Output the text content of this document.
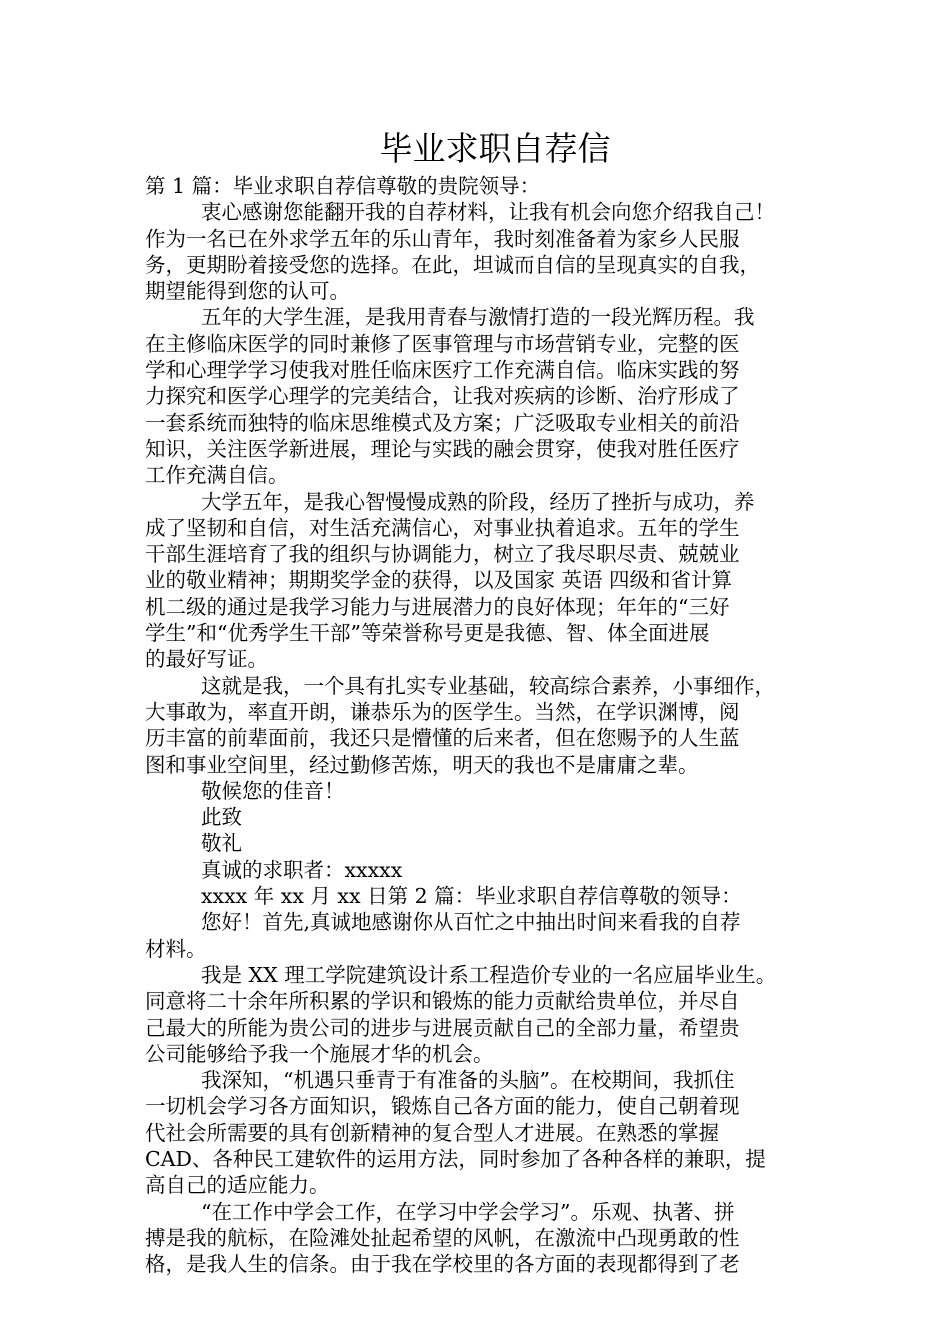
毕业求职自荐信

第 1 篇：毕业求职自荐信尊敬的贵院领导：

衷心感谢您能翻开我的自荐材料，让我有机会向您介绍我自己！

作为一名已在外求学五年的乐山青年，我时刻准备着为家乡人民服

务，更期盼着接受您的选择。在此，坦诚而自信的呈现真实的自我，

期望能得到您的认可。

五年的大学生涯，是我用青春与激情打造的一段光辉历程。我

在主修临床医学的同时兼修了医事管理与市场营销专业，完整的医

学和心理学学习使我对胜任临床医疗工作充满自信。临床实践的努

力探究和医学心理学的完美结合，让我对疾病的诊断、治疗形成了

一套系统而独特的临床思维模式及方案；广泛吸取专业相关的前沿

知识，关注医学新进展，理论与实践的融会贯穿，使我对胜任医疗

工作充满自信。

大学五年，是我心智慢慢成熟的阶段，经历了挫折与成功，养

成了坚韧和自信，对生活充满信心，对事业执着追求。五年的学生

干部生涯培育了我的组织与协调能力，树立了我尽职尽责、兢兢业

业的敬业精神；期期奖学金的获得，以及国家 英语 四级和省计算

机二级的通过是我学习能力与进展潜力的良好体现；年年的“三好

学生”和“优秀学生干部”等荣誉称号更是我德、智、体全面进展

的最好写证。

这就是我，一个具有扎实专业基础，较高综合素养，小事细作，

大事敢为，率直开朗，谦恭乐为的医学生。当然，在学识渊博，阅

历丰富的前辈面前，我还只是懵懂的后来者，但在您赐予的人生蓝

图和事业空间里，经过勤修苦炼，明天的我也不是庸庸之辈。

敬候您的佳音！

此致

敬礼

真诚的求职者：xxxxx

xxxx 年 xx 月 xx 日第 2 篇：毕业求职自荐信尊敬的领导：

您好！首先,真诚地感谢你从百忙之中抽出时间来看我的自荐

材料。

我是 XX 理工学院建筑设计系工程造价专业的一名应届毕业生。

同意将二十余年所积累的学识和锻炼的能力贡献给贵单位，并尽自

己最大的所能为贵公司的进步与进展贡献自己的全部力量，希望贵

公司能够给予我一个施展才华的机会。

我深知，“机遇只垂青于有准备的头脑”。在校期间，我抓住

一切机会学习各方面知识，锻炼自己各方面的能力，使自己朝着现

代社会所需要的具有创新精神的复合型人才进展。在熟悉的掌握

CAD、各种民工建软件的运用方法，同时参加了各种各样的兼职，提

高自己的适应能力。

“在工作中学会工作，在学习中学会学习”。乐观、执著、拼

搏是我的航标，在险滩处扯起希望的风帆，在激流中凸现勇敢的性

格，是我人生的信条。由于我在学校里的各方面的表现都得到了老
